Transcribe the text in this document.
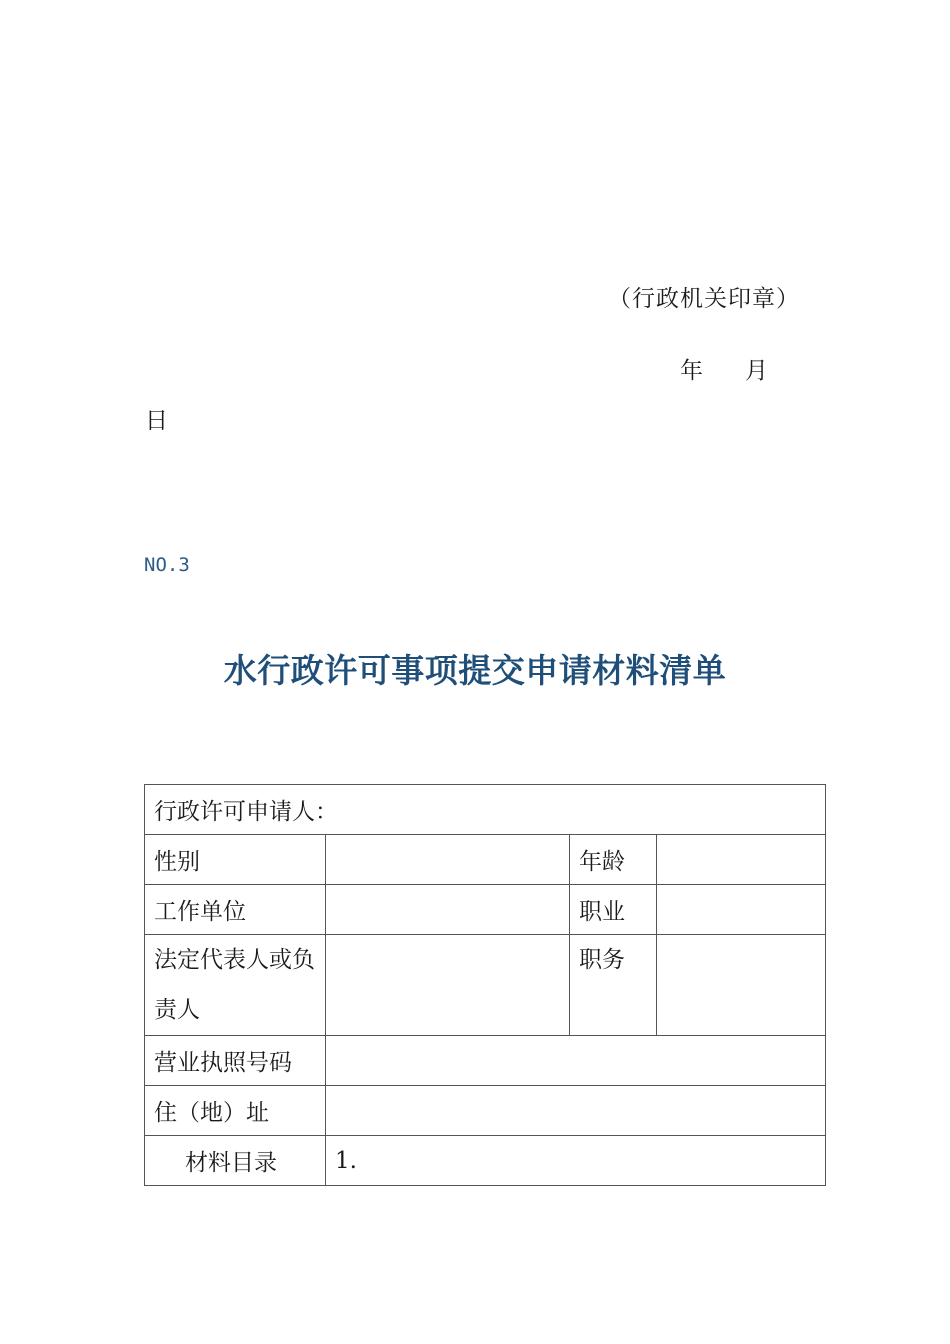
（行政机关印章）
年 月
日
NO.3
水行政许可事项提交申请材料清单
行政许可申请人：			
性别		年龄	
工作单位		职业	
法定代表人或负责人		职务	
营业执照号码			
住（地）址			
材料目录	1.		
